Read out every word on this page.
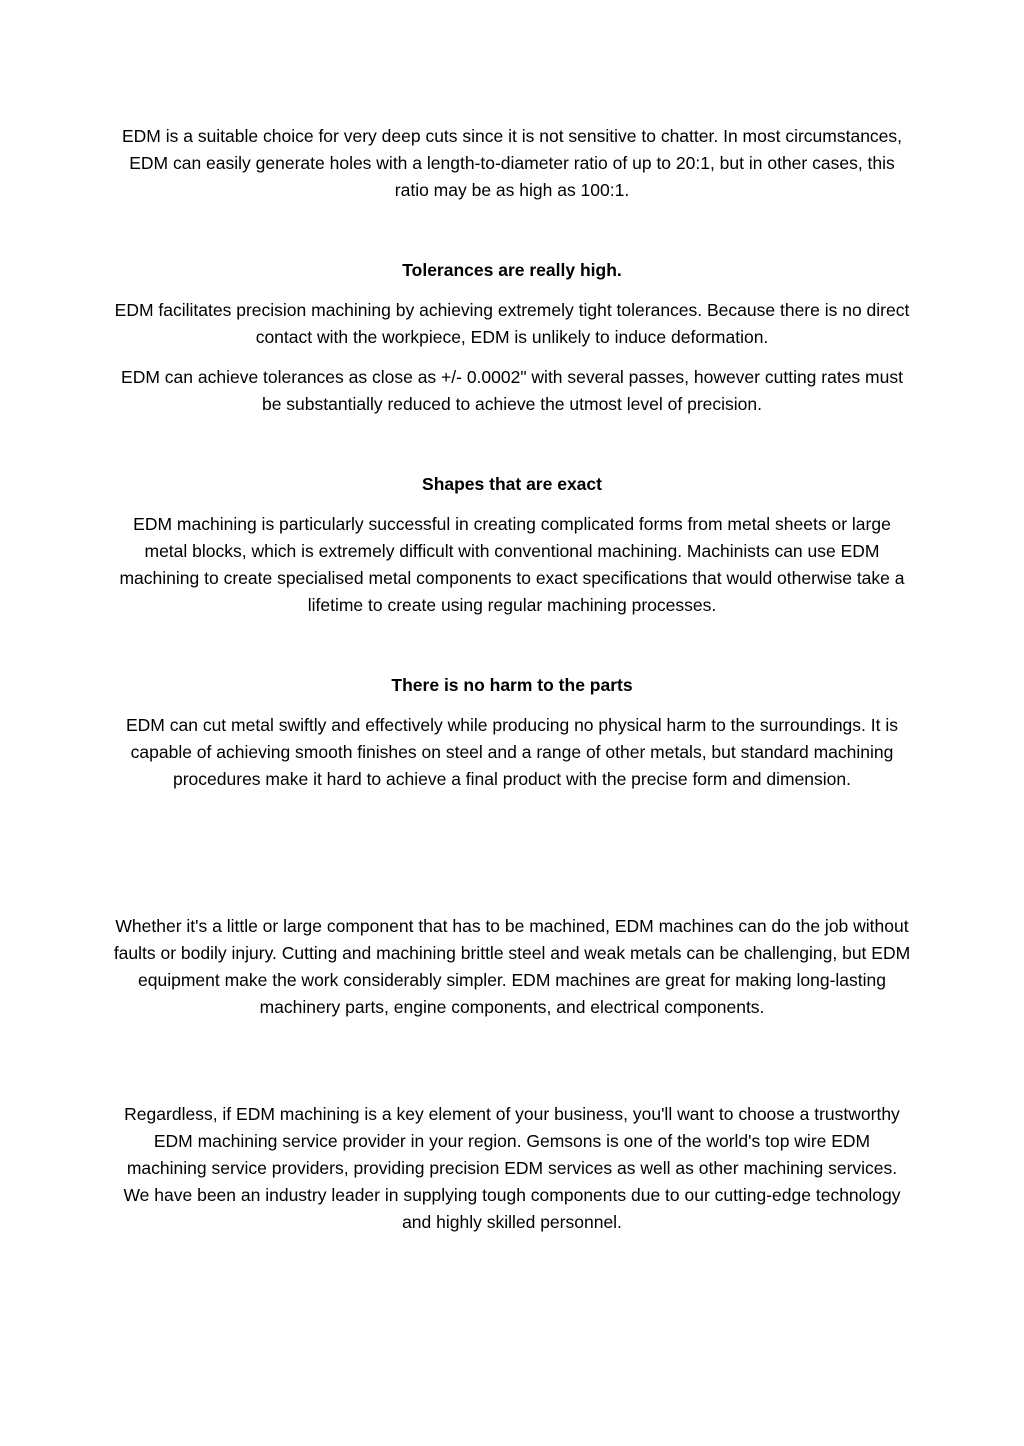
EDM is a suitable choice for very deep cuts since it is not sensitive to chatter. In most circumstances, EDM can easily generate holes with a length-to-diameter ratio of up to 20:1, but in other cases, this ratio may be as high as 100:1.

Tolerances are really high.

EDM facilitates precision machining by achieving extremely tight tolerances. Because there is no direct contact with the workpiece, EDM is unlikely to induce deformation.

EDM can achieve tolerances as close as +/- 0.0002" with several passes, however cutting rates must be substantially reduced to achieve the utmost level of precision.

Shapes that are exact

EDM machining is particularly successful in creating complicated forms from metal sheets or large metal blocks, which is extremely difficult with conventional machining. Machinists can use EDM machining to create specialised metal components to exact specifications that would otherwise take a lifetime to create using regular machining processes.

There is no harm to the parts

EDM can cut metal swiftly and effectively while producing no physical harm to the surroundings. It is capable of achieving smooth finishes on steel and a range of other metals, but standard machining procedures make it hard to achieve a final product with the precise form and dimension.

Whether it's a little or large component that has to be machined, EDM machines can do the job without faults or bodily injury. Cutting and machining brittle steel and weak metals can be challenging, but EDM equipment make the work considerably simpler. EDM machines are great for making long-lasting machinery parts, engine components, and electrical components.

Regardless, if EDM machining is a key element of your business, you'll want to choose a trustworthy EDM machining service provider in your region. Gemsons is one of the world's top wire EDM machining service providers, providing precision EDM services as well as other machining services. We have been an industry leader in supplying tough components due to our cutting-edge technology and highly skilled personnel.
